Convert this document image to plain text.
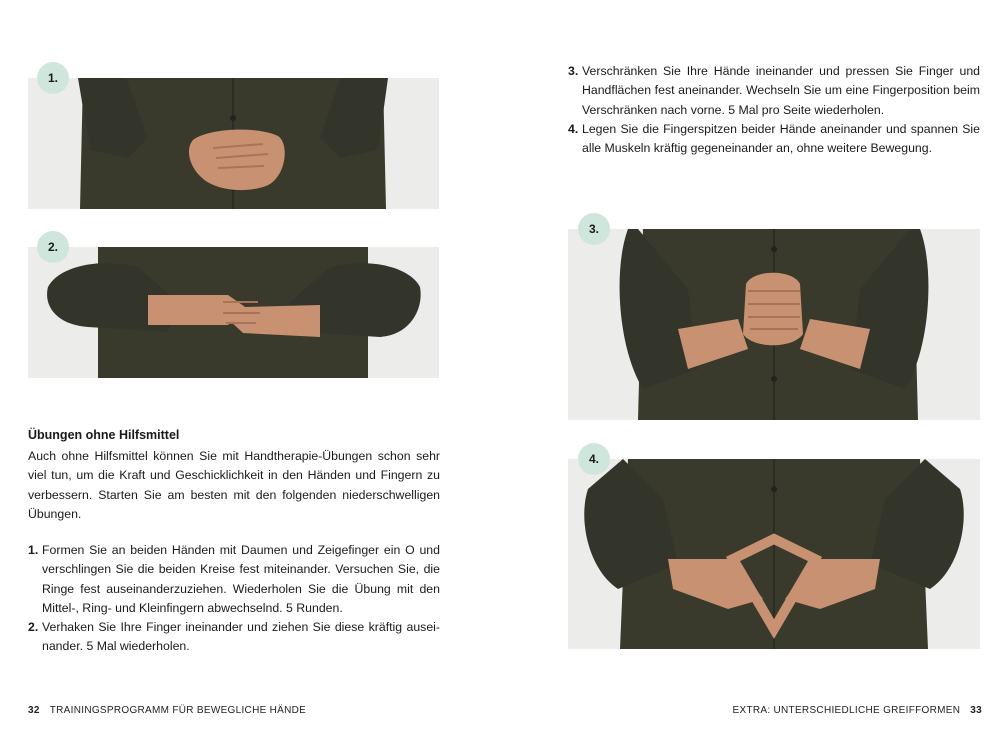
1.
2.
Übungen ohne Hilfsmittel

Auch ohne Hilfsmittel können Sie mit Handtherapie-Übungen schon sehr viel tun, um die Kraft und Geschicklichkeit in den Händen und Fingern zu verbessern. Starten Sie am besten mit den folgenden niederschwelligen Übungen.

1. Formen Sie an beiden Händen mit Daumen und Zeigefinger ein O und verschlingen Sie die beiden Kreise fest miteinander. Versuchen Sie, die Ringe fest auseinanderzuziehen. Wiederholen Sie die Übung mit den Mittel-, Ring- und Kleinfingern abwechselnd. 5 Runden.
2. Verhaken Sie Ihre Finger ineinander und ziehen Sie diese kräftig auseinander. 5 Mal wiederholen.
32 TRAININGSPROGRAMM FÜR BEWEGLICHE HÄNDE
3. Verschränken Sie Ihre Hände ineinander und pressen Sie Finger und Handflächen fest aneinander. Wechseln Sie um eine Fingerposition beim Verschränken nach vorne. 5 Mal pro Seite wiederholen.
4. Legen Sie die Fingerspitzen beider Hände aneinander und spannen Sie alle Muskeln kräftig gegeneinander an, ohne weitere Bewegung.
3.
4.
EXTRA: UNTERSCHIEDLICHE GREIFFORMEN 33
